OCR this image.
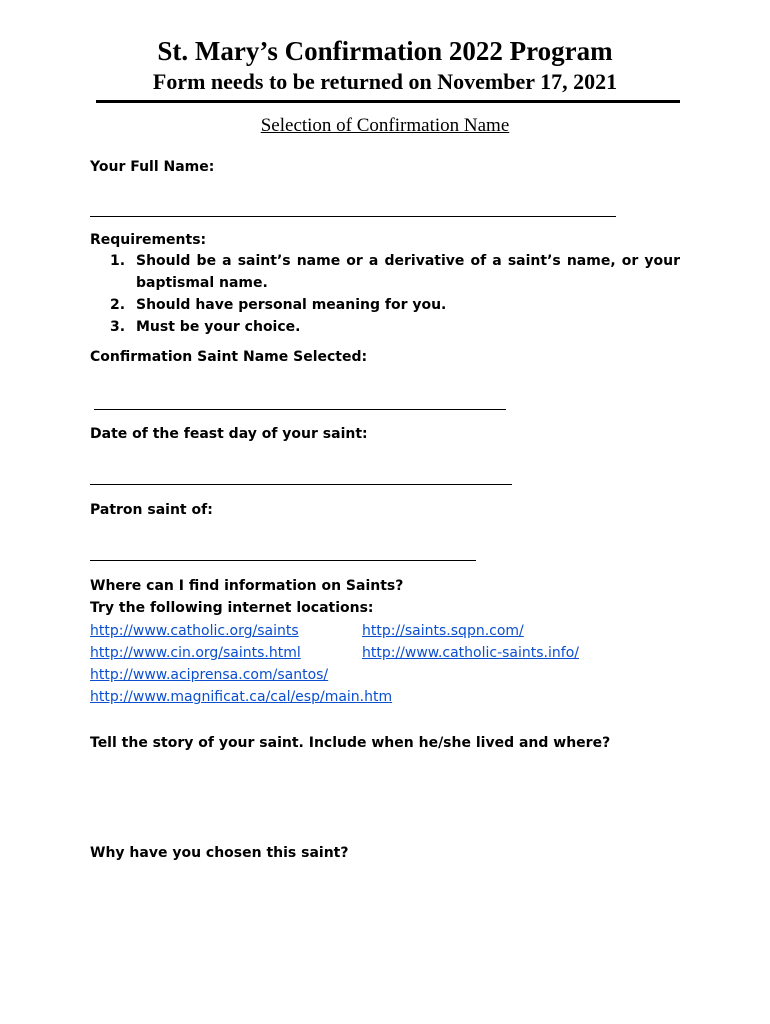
St. Mary’s Confirmation 2022 Program
Form needs to be returned on November 17, 2021
Selection of Confirmation Name
Your Full Name:
Requirements:
1. Should be a saint’s name or a derivative of a saint’s name, or your baptismal name.
2. Should have personal meaning for you.
3. Must be your choice.
Confirmation Saint Name Selected:
Date of the feast day of your saint:
Patron saint of:
Where can I find information on Saints?
Try the following internet locations:
http://www.catholic.org/saints	http://saints.sqpn.com/
http://www.cin.org/saints.html	http://www.catholic-saints.info/
http://www.aciprensa.com/santos/
http://www.magnificat.ca/cal/esp/main.htm
Tell the story of your saint. Include when he/she lived and where?
Why have you chosen this saint?
